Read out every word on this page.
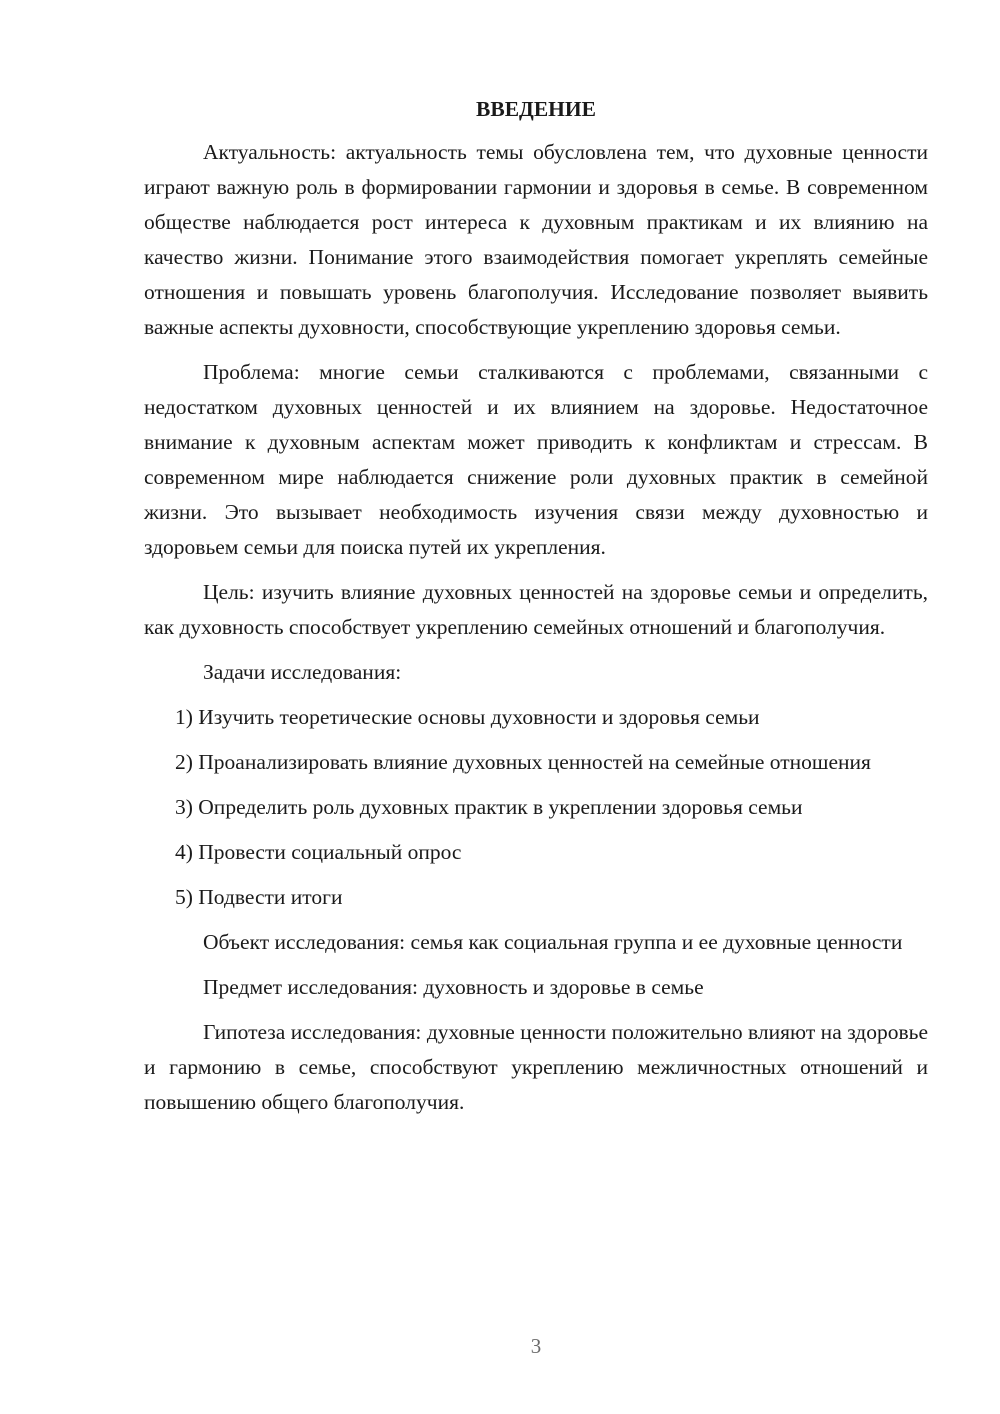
ВВЕДЕНИЕ

Актуальность: актуальность темы обусловлена тем, что духовные ценности играют важную роль в формировании гармонии и здоровья в семье. В современном обществе наблюдается рост интереса к духовным практикам и их влиянию на качество жизни. Понимание этого взаимодействия помогает укреплять семейные отношения и повышать уровень благополучия. Исследование позволяет выявить важные аспекты духовности, способствующие укреплению здоровья семьи.

Проблема: многие семьи сталкиваются с проблемами, связанными с недостатком духовных ценностей и их влиянием на здоровье. Недостаточное внимание к духовным аспектам может приводить к конфликтам и стрессам. В современном мире наблюдается снижение роли духовных практик в семейной жизни. Это вызывает необходимость изучения связи между духовностью и здоровьем семьи для поиска путей их укрепления.

Цель: изучить влияние духовных ценностей на здоровье семьи и определить, как духовность способствует укреплению семейных отношений и благополучия.

Задачи исследования:

1) Изучить теоретические основы духовности и здоровья семьи

2) Проанализировать влияние духовных ценностей на семейные отношения

3) Определить роль духовных практик в укреплении здоровья семьи

4) Провести социальный опрос

5) Подвести итоги

Объект исследования: семья как социальная группа и ее духовные ценности

Предмет исследования: духовность и здоровье в семье

Гипотеза исследования: духовные ценности положительно влияют на здоровье и гармонию в семье, способствуют укреплению межличностных отношений и повышению общего благополучия.

3
